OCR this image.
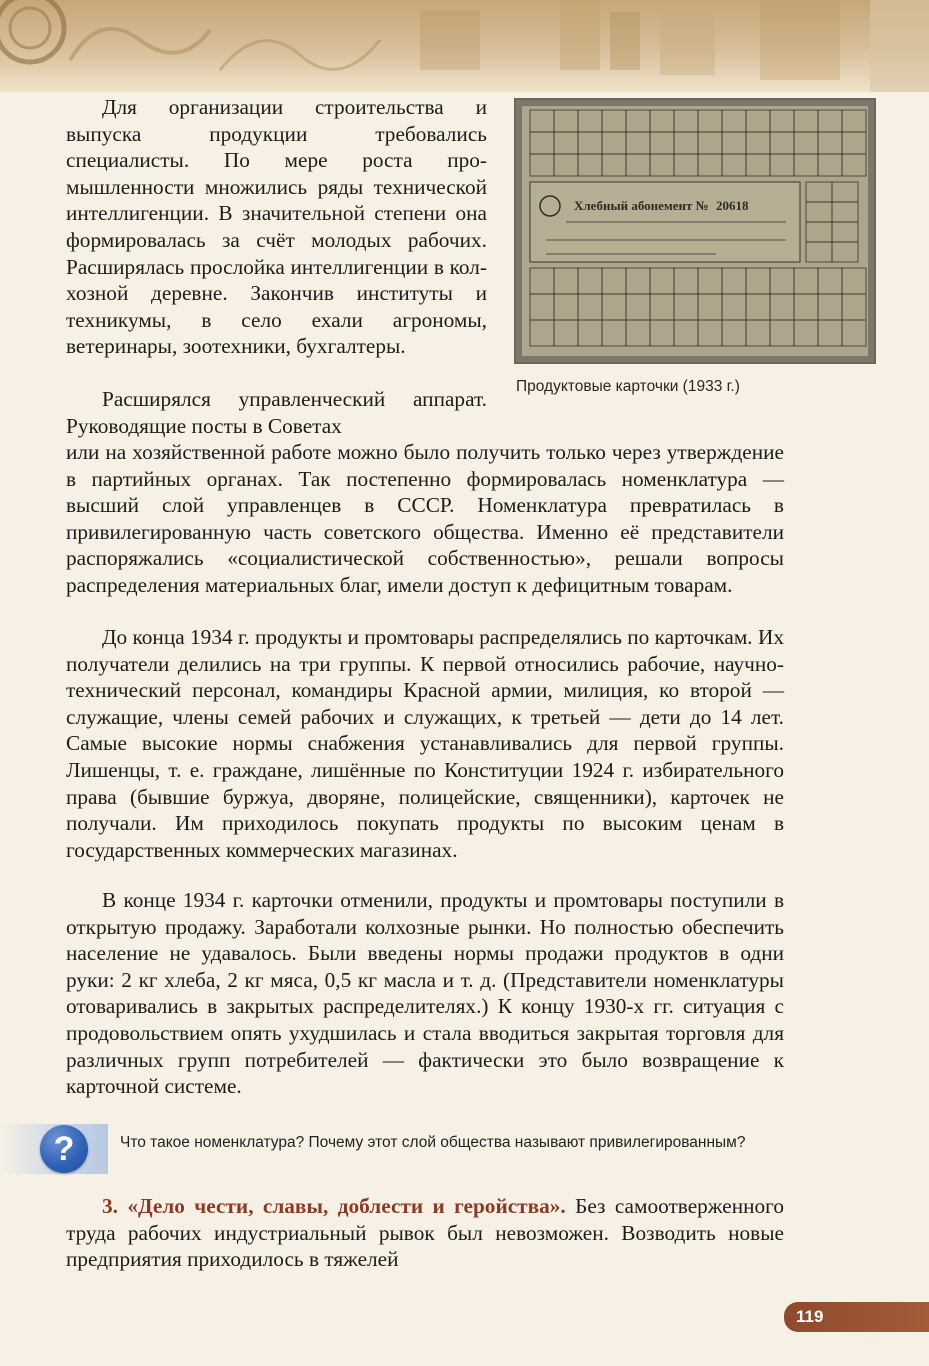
Хлебный абонемент № 20618
Продуктовые карточки (1933 г.)

Для организации строительства и выпуска продукции требовались специалисты. По мере роста промышленности множились ряды технической интеллигенции. В значительной степени она формировалась за счёт молодых рабочих. Расширялась прослойка интеллигенции в колхозной деревне. Закончив институты и техникумы, в село ехали агрономы, ветеринары, зоотехники, бухгалтеры.

Расширялся управленческий аппарат. Руководящие посты в Советах

или на хозяйственной работе можно было получить только через утверждение в партийных органах. Так постепенно формировалась номенклатура — высший слой управленцев в СССР. Номенклатура превратилась в привилегированную часть советского общества. Именно её представители распоряжались «социалистической собственностью», решали вопросы распределения материальных благ, имели доступ к дефицитным товарам.

До конца 1934 г. продукты и промтовары распределялись по карточкам. Их получатели делились на три группы. К первой относились рабочие, научно-технический персонал, командиры Красной армии, милиция, ко второй — служащие, члены семей рабочих и служащих, к третьей — дети до 14 лет. Самые высокие нормы снабжения устанавливались для первой группы. Лишенцы, т. е. граждане, лишённые по Конституции 1924 г. избирательного права (бывшие буржуа, дворяне, полицейские, священники), карточек не получали. Им приходилось покупать продукты по высоким ценам в государственных коммерческих магазинах.

В конце 1934 г. карточки отменили, продукты и промтовары поступили в открытую продажу. Заработали колхозные рынки. Но полностью обеспечить население не удавалось. Были введены нормы продажи продуктов в одни руки: 2 кг хлеба, 2 кг мяса, 0,5 кг масла и т. д. (Представители номенклатуры отоваривались в закрытых распределителях.) К концу 1930-х гг. ситуация с продовольствием опять ухудшилась и стала вводиться закрытая торговля для различных групп потребителей — фактически это было возвращение к карточной системе.

?	Что такое номенклатура? Почему этот слой общества называют привилегированным?

3. «Дело чести, славы, доблести и геройства». Без самоотверженного труда рабочих индустриальный рывок был невозможен. Возводить новые предприятия приходилось в тяжелей

119
